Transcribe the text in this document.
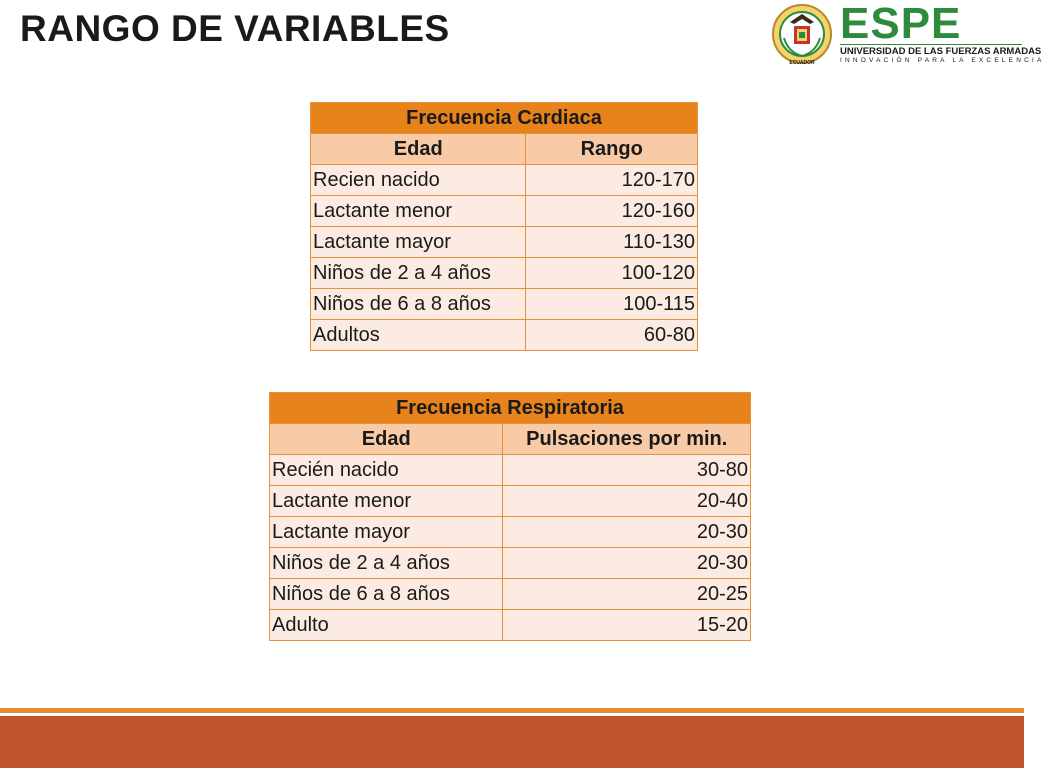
RANGO DE VARIABLES
ECUADOR
ESPE
UNIVERSIDAD DE LAS FUERZAS ARMADAS
INNOVACIÓN PARA LA EXCELENCIA
Frecuencia Cardiaca	
Edad	Rango
Recien nacido	120-170
Lactante menor	120-160
Lactante mayor	110-130
Niños de 2 a 4 años	100-120
Niños de 6 a 8 años	100-115
Adultos	60-80
Frecuencia Respiratoria	
Edad	Pulsaciones por min.
Recién nacido	30-80
Lactante menor	20-40
Lactante mayor	20-30
Niños de 2 a 4 años	20-30
Niños de 6 a 8 años	20-25
Adulto	15-20
